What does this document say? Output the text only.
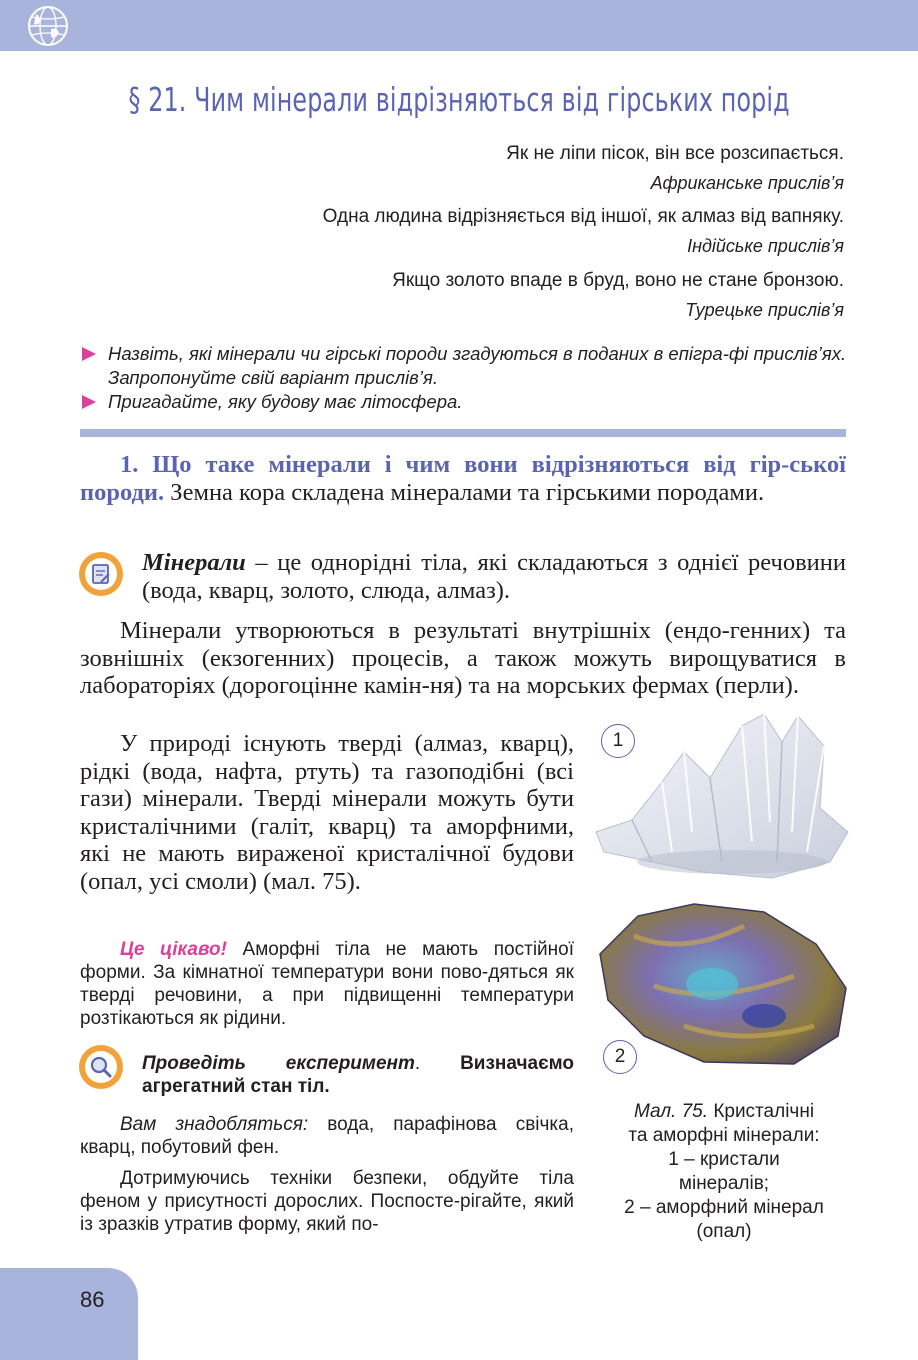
§ 21. Чим мінерали відрізняються від гірських порід
Як не ліпи пісок, він все розсипається.
Африканське прислів’я
Одна людина відрізняється від іншої, як алмаз від вапняку.
Індійське прислів’я
Якщо золото впаде в бруд, воно не стане бронзою.
Турецьке прислів’я
Назвіть, які мінерали чи гірські породи згадуються в поданих в епігра-фі прислів’ях. Запропонуйте свій варіант прислів’я.
Пригадайте, яку будову має літосфера.
1. Що таке мінерали і чим вони відрізняються від гір-ської породи. Земна кора складена мінералами та гірськими породами.
Мінерали – це однорідні тіла, які складаються з однієї речовини (вода, кварц, золото, слюда, алмаз).
Мінерали утворюються в результаті внутрішніх (ендо-генних) та зовнішніх (екзогенних) процесів, а також можуть вирощуватися в лабораторіях (дорогоцінне камін-ня) та на морських фермах (перли).
У природі існують тверді (алмаз, кварц), рідкі (вода, нафта, ртуть) та газоподібні (всі гази) мінерали. Тверді мінерали можуть бути кристалічними (галіт, кварц) та аморфними, які не мають вираженої кристалічної будови (опал, усі смоли) (мал. 75).
Це цікаво! Аморфні тіла не мають постійної форми. За кімнатної температури вони пово-дяться як тверді речовини, а при підвищенні температури розтікаються як рідини.
Проведіть експеримент. Визначаємо агрегатний стан тіл.
Вам знадобляться: вода, парафінова свічка, кварц, побутовий фен.
Дотримуючись техніки безпеки, обдуйте тіла феном у присутності дорослих. Поспосте-рігайте, який із зразків утратив форму, який по-
1
2
Мал. 75. Кристалічні
та аморфні мінерали:
1 – кристали
мінералів;
2 – аморфний мінерал
(опал)
86
